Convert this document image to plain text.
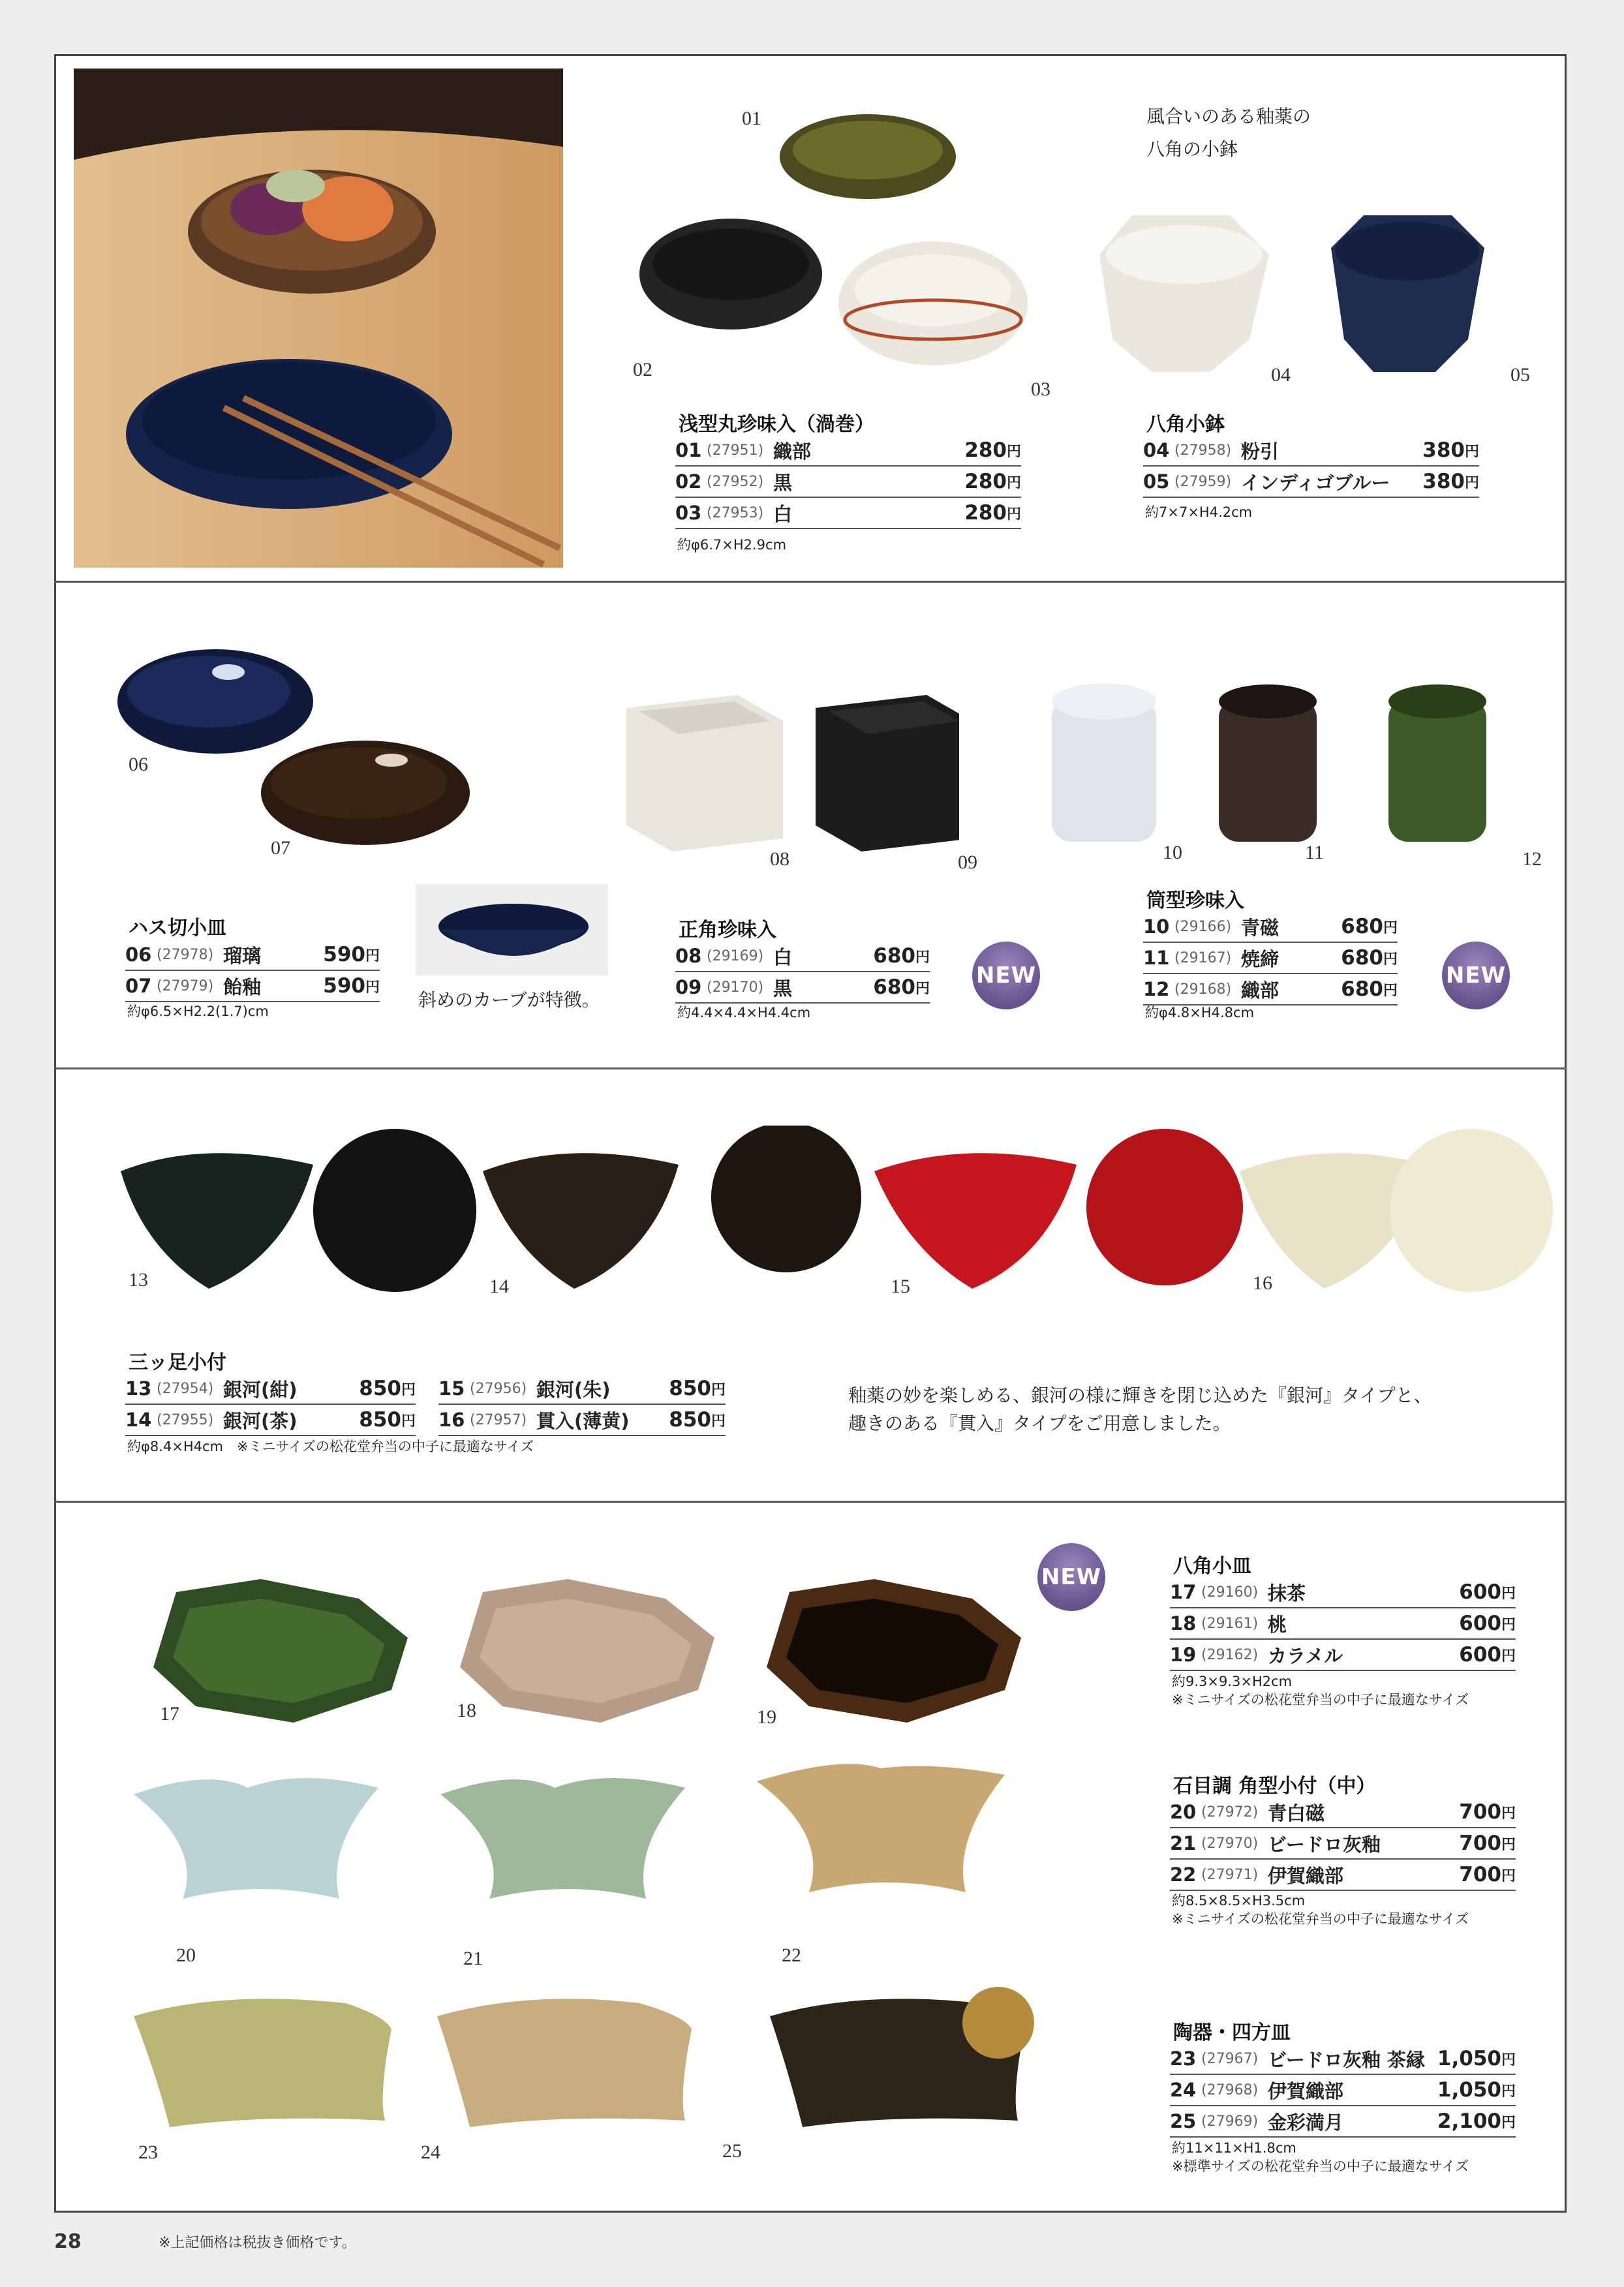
01
02
03
浅型丸珍味入（渦巻）
01 (27951) 織部	280 円
02 (27952) 黒	280 円
03 (27953) 白	280 円
約φ6.7×H2.9cm
風合いのある釉薬の
八角の小鉢
04	05
八角小鉢
04 (27958) 粉引	380 円
05 (27959) インディゴブルー	380 円
約7×7×H4.2cm
06
07
ハス切小皿
06 (27978) 瑠璃	590 円
07 (27979) 飴釉	590 円
約φ6.5×H2.2(1.7)cm
斜めのカーブが特徴。
08	09
正角珍味入
08 (29169) 白	680 円
09 (29170) 黒	680 円
約4.4×4.4×H4.4cm
NEW
10	11	12
筒型珍味入
10 (29166) 青磁	680 円
11 (29167) 焼締	680 円
12 (29168) 織部	680 円
約φ4.8×H4.8cm
NEW
13	14	15	16
三ッ足小付
13 (27954) 銀河(紺)	850 円
14 (27955) 銀河(茶)	850 円
15 (27956) 銀河(朱)	850 円
16 (27957) 貫入(薄黄)	850 円
約φ8.4×H4cm　※ミニサイズの松花堂弁当の中子に最適なサイズ
釉薬の妙を楽しめる、銀河の様に輝きを閉じ込めた『銀河』タイプと、
趣きのある『貫入』タイプをご用意しました。
NEW
17	18	19
20	21	22
23	24	25
八角小皿
17 (29160) 抹茶	600 円
18 (29161) 桃	600 円
19 (29162) カラメル	600 円
約9.3×9.3×H2cm
※ミニサイズの松花堂弁当の中子に最適なサイズ
石目調 角型小付（中）
20 (27972) 青白磁	700 円
21 (27970) ビードロ灰釉	700 円
22 (27971) 伊賀織部	700 円
約8.5×8.5×H3.5cm
※ミニサイズの松花堂弁当の中子に最適なサイズ
陶器・四方皿
23 (27967) ビードロ灰釉 茶縁 1,050 円
24 (27968) 伊賀織部	1,050 円
25 (27969) 金彩満月	2,100 円
約11×11×H1.8cm
※標準サイズの松花堂弁当の中子に最適なサイズ
28	※上記価格は税抜き価格です。
